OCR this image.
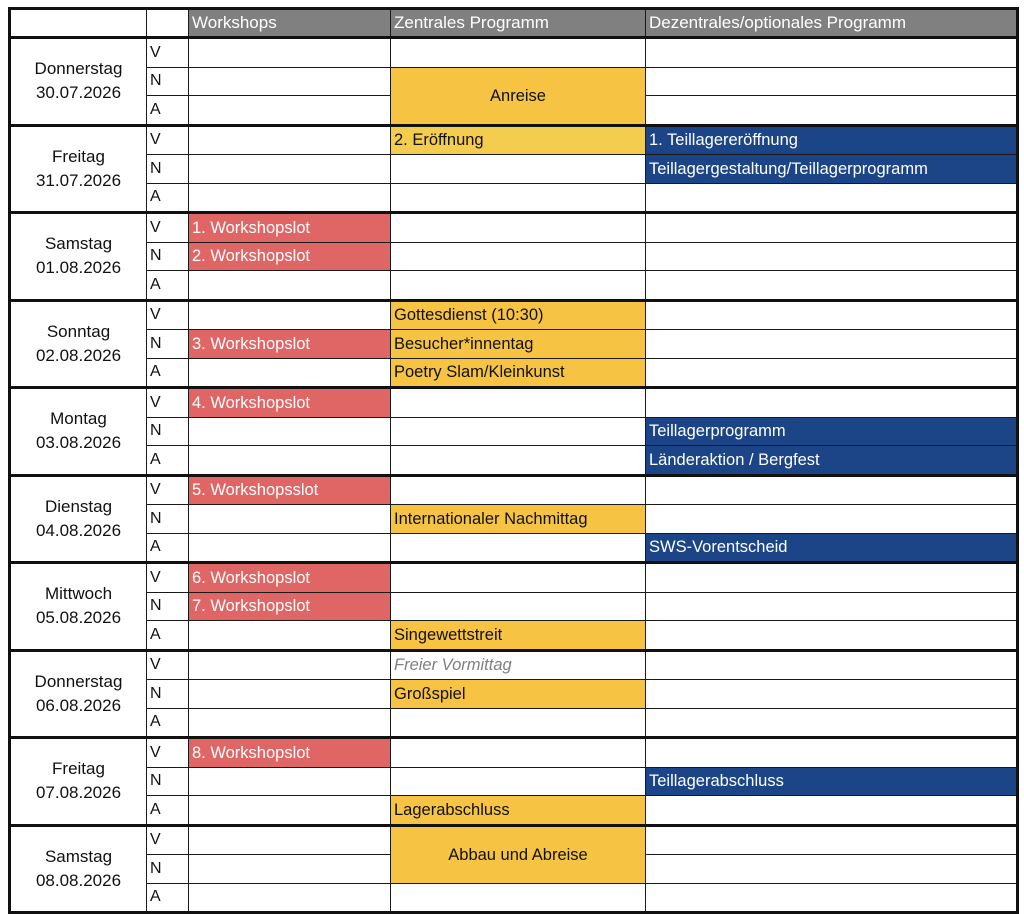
		Workshops	Zentrales Programm	Dezentrales/optionales Programm
Donnerstag
30.07.2026	V			
	N		Anreise	
	A			
Freitag
31.07.2026	V		2. Eröffnung	1. Teillagereröffnung
	N			Teillagergestaltung/Teillagerprogramm
	A			
Samstag
01.08.2026	V	1. Workshopslot		
	N	2. Workshopslot		
	A			
Sonntag
02.08.2026	V		Gottesdienst (10:30)	
	N	3. Workshopslot	Besucher*innentag	
	A		Poetry Slam/Kleinkunst	
Montag
03.08.2026	V	4. Workshopslot		
	N			Teillagerprogramm
	A			Länderaktion / Bergfest
Dienstag
04.08.2026	V	5. Workshopsslot		
	N		Internationaler Nachmittag	
	A			SWS-Vorentscheid
Mittwoch
05.08.2026	V	6. Workshopslot		
	N	7. Workshopslot		
	A		Singewettstreit	
Donnerstag
06.08.2026	V		Freier Vormittag	
	N		Großspiel	
	A			
Freitag
07.08.2026	V	8. Workshopslot		
	N			Teillagerabschluss
	A		Lagerabschluss	
Samstag
08.08.2026	V		Abbau und Abreise	
	N			
	A			
